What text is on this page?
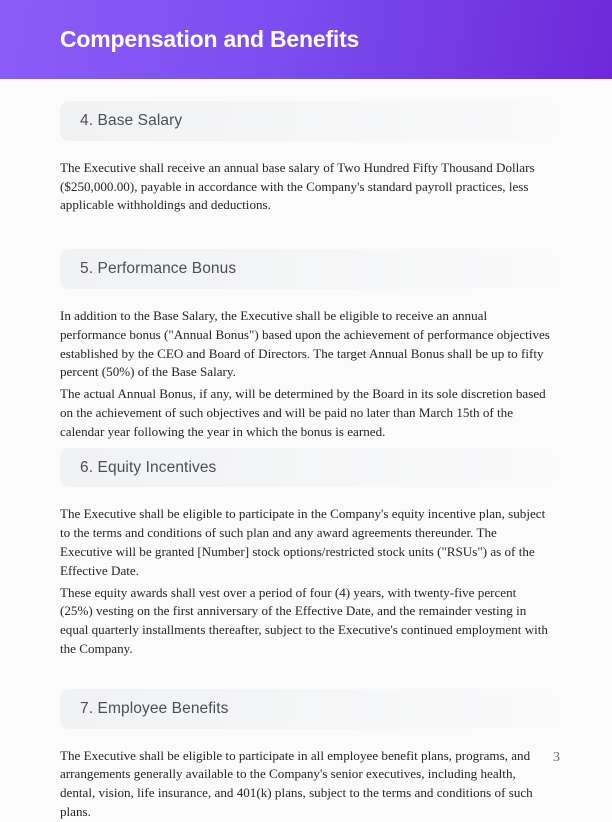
Compensation and Benefits
4. Base Salary

The Executive shall receive an annual base salary of Two Hundred Fifty Thousand Dollars ($250,000.00), payable in accordance with the Company's standard payroll practices, less applicable withholdings and deductions.

5. Performance Bonus

In addition to the Base Salary, the Executive shall be eligible to receive an annual performance bonus ("Annual Bonus") based upon the achievement of performance objectives established by the CEO and Board of Directors. The target Annual Bonus shall be up to fifty percent (50%) of the Base Salary.

The actual Annual Bonus, if any, will be determined by the Board in its sole discretion based on the achievement of such objectives and will be paid no later than March 15th of the calendar year following the year in which the bonus is earned.

6. Equity Incentives

The Executive shall be eligible to participate in the Company's equity incentive plan, subject to the terms and conditions of such plan and any award agreements thereunder. The Executive will be granted [Number] stock options/restricted stock units ("RSUs") as of the Effective Date.

These equity awards shall vest over a period of four (4) years, with twenty-five percent (25%) vesting on the first anniversary of the Effective Date, and the remainder vesting in equal quarterly installments thereafter, subject to the Executive's continued employment with the Company.

7. Employee Benefits

The Executive shall be eligible to participate in all employee benefit plans, programs, and arrangements generally available to the Company's senior executives, including health, dental, vision, life insurance, and 401(k) plans, subject to the terms and conditions of such plans.

3
